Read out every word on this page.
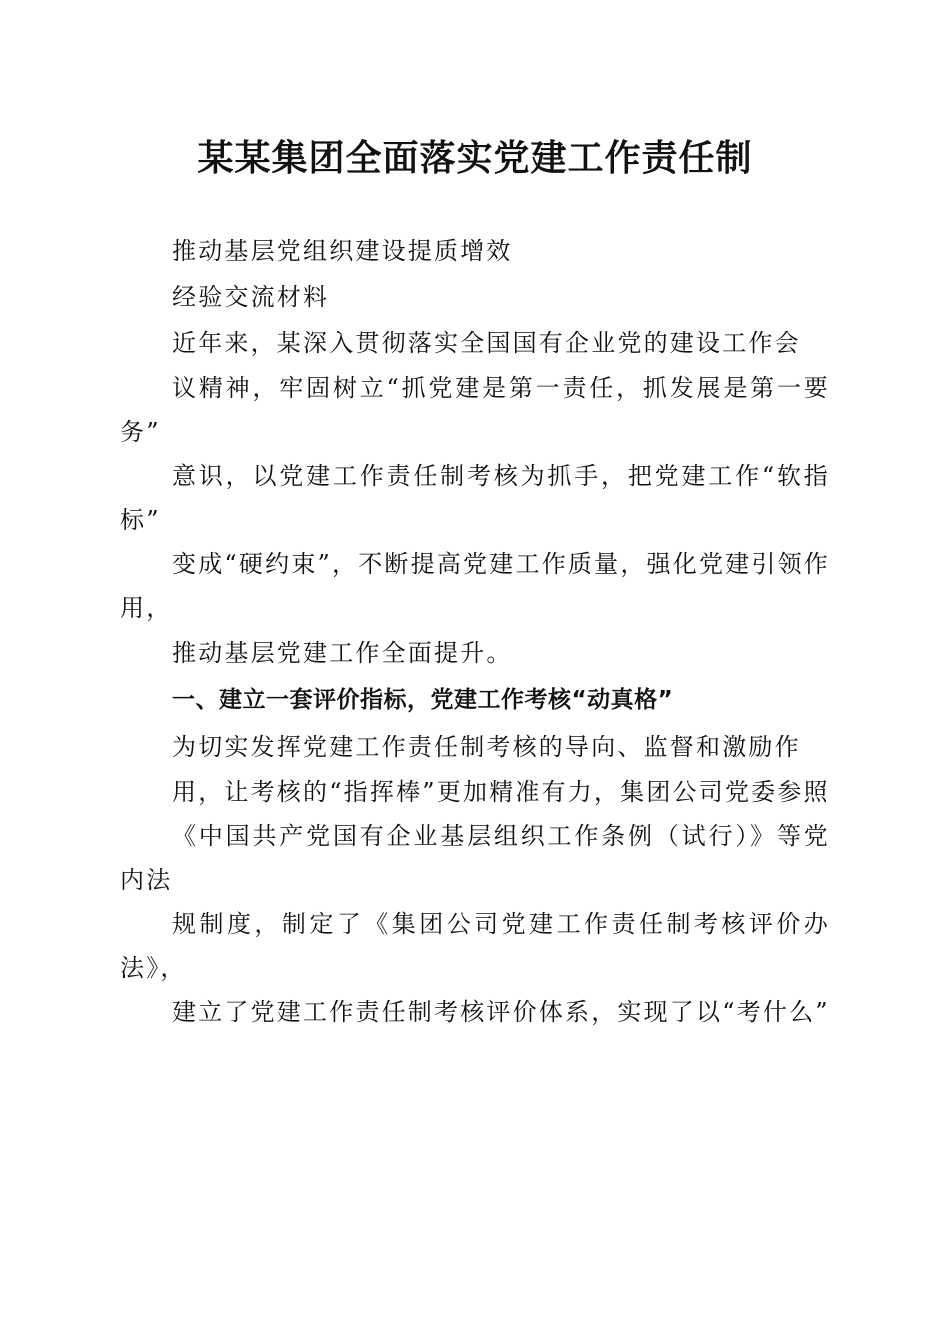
某某集团全面落实党建工作责任制

推动基层党组织建设提质增效

经验交流材料

近年来，某深入贯彻落实全国国有企业党的建设工作会

议精神，牢固树立“抓党建是第一责任，抓发展是第一要务”

意识，以党建工作责任制考核为抓手，把党建工作“软指标”

变成“硬约束”，不断提高党建工作质量，强化党建引领作用，

推动基层党建工作全面提升。

一、建立一套评价指标，党建工作考核“动真格”

为切实发挥党建工作责任制考核的导向、监督和激励作

用，让考核的“指挥棒”更加精准有力，集团公司党委参照

《中国共产党国有企业基层组织工作条例（试行）》等党内法

规制度，制定了《集团公司党建工作责任制考核评价办法》，

建立了党建工作责任制考核评价体系，实现了以“考什么”
